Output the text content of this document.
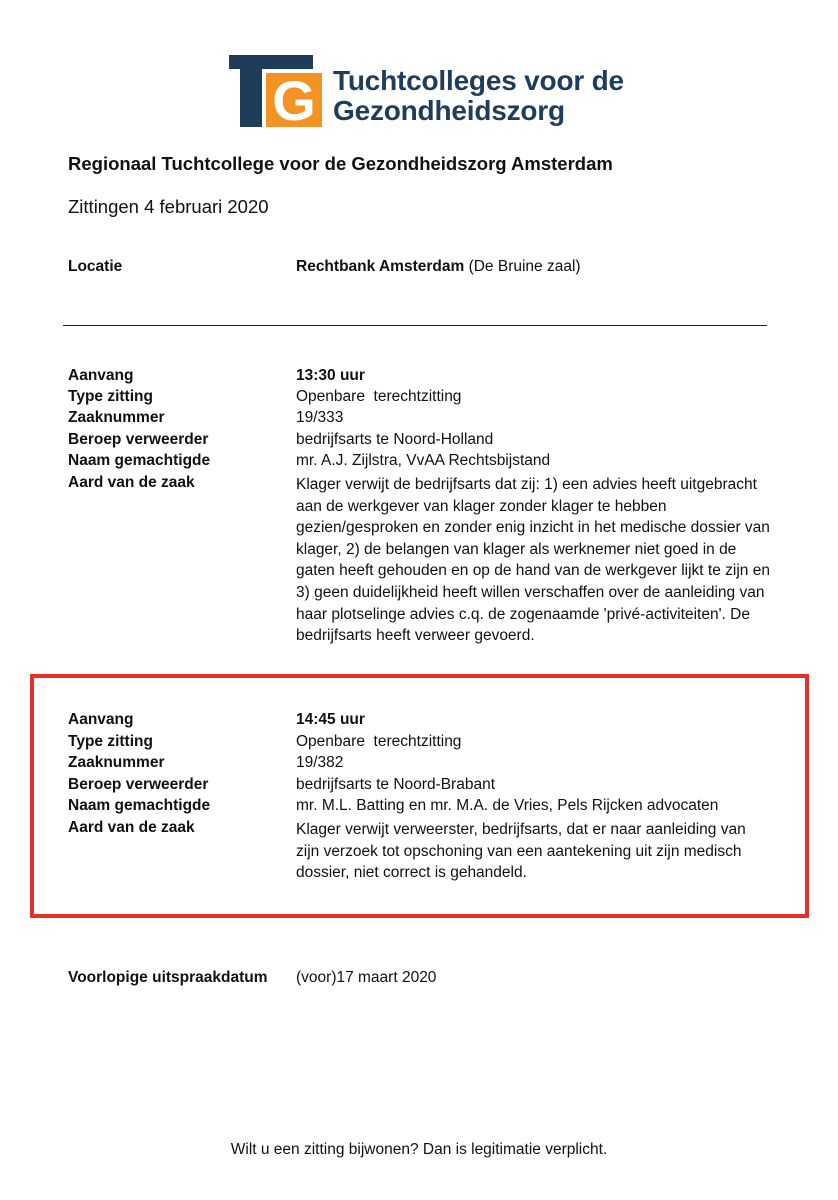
G Tuchtcolleges voor de
Gezondheidszorg
Regionaal Tuchtcollege voor de Gezondheidszorg Amsterdam
Zittingen 4 februari 2020
Locatie	Rechtbank Amsterdam (De Bruine zaal)
Aanvang	13:30 uur
Type zitting	Openbare  terechtzitting
Zaaknummer	19/333
Beroep verweerder	bedrijfsarts te Noord-Holland
Naam gemachtigde	mr. A.J. Zijlstra, VvAA Rechtsbijstand
Aard van de zaak	Klager verwijt de bedrijfsarts dat zij: 1) een advies heeft uitgebracht
aan de werkgever van klager zonder klager te hebben
gezien/gesproken en zonder enig inzicht in het medische dossier van
klager, 2) de belangen van klager als werknemer niet goed in de
gaten heeft gehouden en op de hand van de werkgever lijkt te zijn en
3) geen duidelijkheid heeft willen verschaffen over de aanleiding van
haar plotselinge advies c.q. de zogenaamde 'privé-activiteiten'. De
bedrijfsarts heeft verweer gevoerd.
Aanvang	14:45 uur
Type zitting	Openbare  terechtzitting
Zaaknummer	19/382
Beroep verweerder	bedrijfsarts te Noord-Brabant
Naam gemachtigde	mr. M.L. Batting en mr. M.A. de Vries, Pels Rijcken advocaten
Aard van de zaak	Klager verwijt verweerster, bedrijfsarts, dat er naar aanleiding van
zijn verzoek tot opschoning van een aantekening uit zijn medisch
dossier, niet correct is gehandeld.
Voorlopige uitspraakdatum (voor)17 maart 2020
Wilt u een zitting bijwonen? Dan is legitimatie verplicht.
